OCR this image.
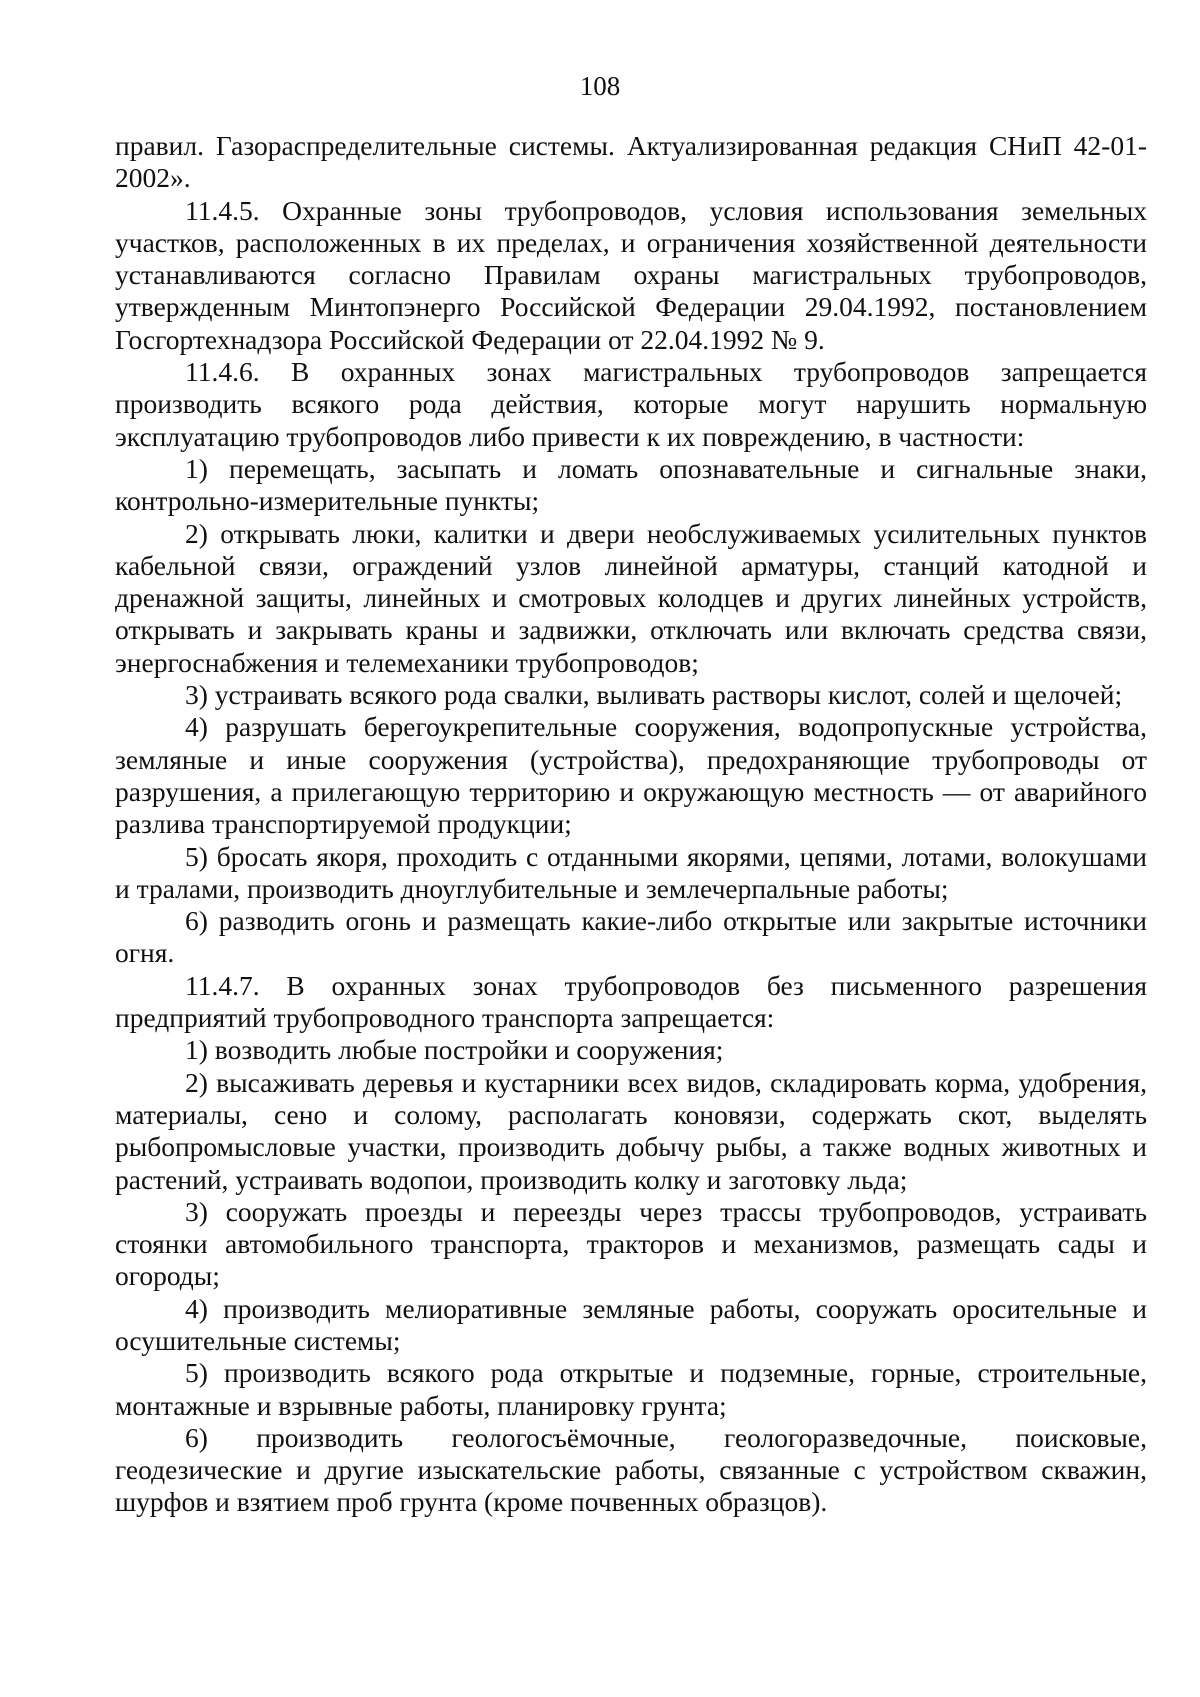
108

правил. Газораспределительные системы. Актуализированная редакция СНиП 42-01-2002».

11.4.5. Охранные зоны трубопроводов, условия использования земельных участков, расположенных в их пределах, и ограничения хозяйственной деятельности устанавливаются согласно Правилам охраны магистральных трубопроводов, утвержденным Минтопэнерго Российской Федерации 29.04.1992, постановлением Госгортехнадзора Российской Федерации от 22.04.1992 № 9.

11.4.6. В охранных зонах магистральных трубопроводов запрещается производить всякого рода действия, которые могут нарушить нормальную эксплуатацию трубопроводов либо привести к их повреждению, в частности:

1) перемещать, засыпать и ломать опознавательные и сигнальные знаки, контрольно-измерительные пункты;

2) открывать люки, калитки и двери необслуживаемых усилительных пунктов кабельной связи, ограждений узлов линейной арматуры, станций катодной и дренажной защиты, линейных и смотровых колодцев и других линейных устройств, открывать и закрывать краны и задвижки, отключать или включать средства связи, энергоснабжения и телемеханики трубопроводов;

3) устраивать всякого рода свалки, выливать растворы кислот, солей и щелочей;

4) разрушать берегоукрепительные сооружения, водопропускные устройства, земляные и иные сооружения (устройства), предохраняющие трубопроводы от разрушения, а прилегающую территорию и окружающую местность — от аварийного разлива транспортируемой продукции;

5) бросать якоря, проходить с отданными якорями, цепями, лотами, волокушами и тралами, производить дноуглубительные и землечерпальные работы;

6) разводить огонь и размещать какие-либо открытые или закрытые источники огня.

11.4.7. В охранных зонах трубопроводов без письменного разрешения предприятий трубопроводного транспорта запрещается:

1) возводить любые постройки и сооружения;

2) высаживать деревья и кустарники всех видов, складировать корма, удобрения, материалы, сено и солому, располагать коновязи, содержать скот, выделять рыбопромысловые участки, производить добычу рыбы, а также водных животных и растений, устраивать водопои, производить колку и заготовку льда;

3) сооружать проезды и переезды через трассы трубопроводов, устраивать стоянки автомобильного транспорта, тракторов и механизмов, размещать сады и огороды;

4) производить мелиоративные земляные работы, сооружать оросительные и осушительные системы;

5) производить всякого рода открытые и подземные, горные, строительные, монтажные и взрывные работы, планировку грунта;

6) производить геологосъёмочные, геологоразведочные, поисковые, геодезические и другие изыскательские работы, связанные с устройством скважин, шурфов и взятием проб грунта (кроме почвенных образцов).
